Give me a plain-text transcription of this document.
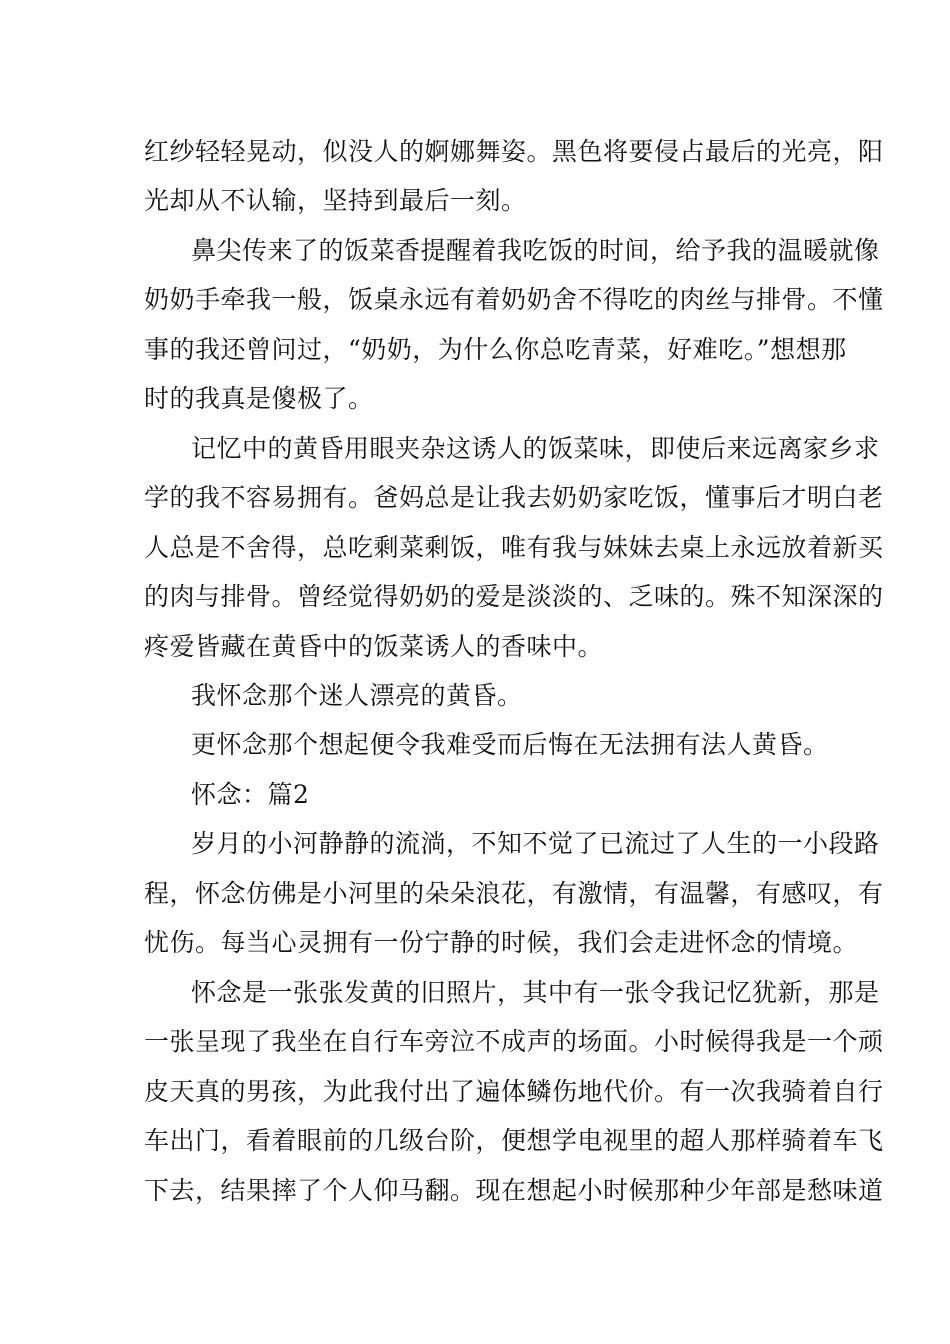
红纱轻轻晃动，似没人的婀娜舞姿。黑色将要侵占最后的光亮，阳
光却从不认输，坚持到最后一刻。
鼻尖传来了的饭菜香提醒着我吃饭的时间，给予我的温暖就像
奶奶手牵我一般，饭桌永远有着奶奶舍不得吃的肉丝与排骨。不懂
事的我还曾问过，“奶奶，为什么你总吃青菜，好难吃。”想想那
时的我真是傻极了。
记忆中的黄昏用眼夹杂这诱人的饭菜味，即使后来远离家乡求
学的我不容易拥有。爸妈总是让我去奶奶家吃饭，懂事后才明白老
人总是不舍得，总吃剩菜剩饭，唯有我与妹妹去桌上永远放着新买
的肉与排骨。曾经觉得奶奶的爱是淡淡的、乏味的。殊不知深深的
疼爱皆藏在黄昏中的饭菜诱人的香味中。
我怀念那个迷人漂亮的黄昏。
更怀念那个想起便令我难受而后悔在无法拥有法人黄昏。
怀念：篇2
岁月的小河静静的流淌，不知不觉了已流过了人生的一小段路
程，怀念仿佛是小河里的朵朵浪花，有激情，有温馨，有感叹，有
忧伤。每当心灵拥有一份宁静的时候，我们会走进怀念的情境。
怀念是一张张发黄的旧照片，其中有一张令我记忆犹新，那是
一张呈现了我坐在自行车旁泣不成声的场面。小时候得我是一个顽
皮天真的男孩，为此我付出了遍体鳞伤地代价。有一次我骑着自行
车出门，看着眼前的几级台阶，便想学电视里的超人那样骑着车飞
下去，结果摔了个人仰马翻。现在想起小时候那种少年部是愁味道
